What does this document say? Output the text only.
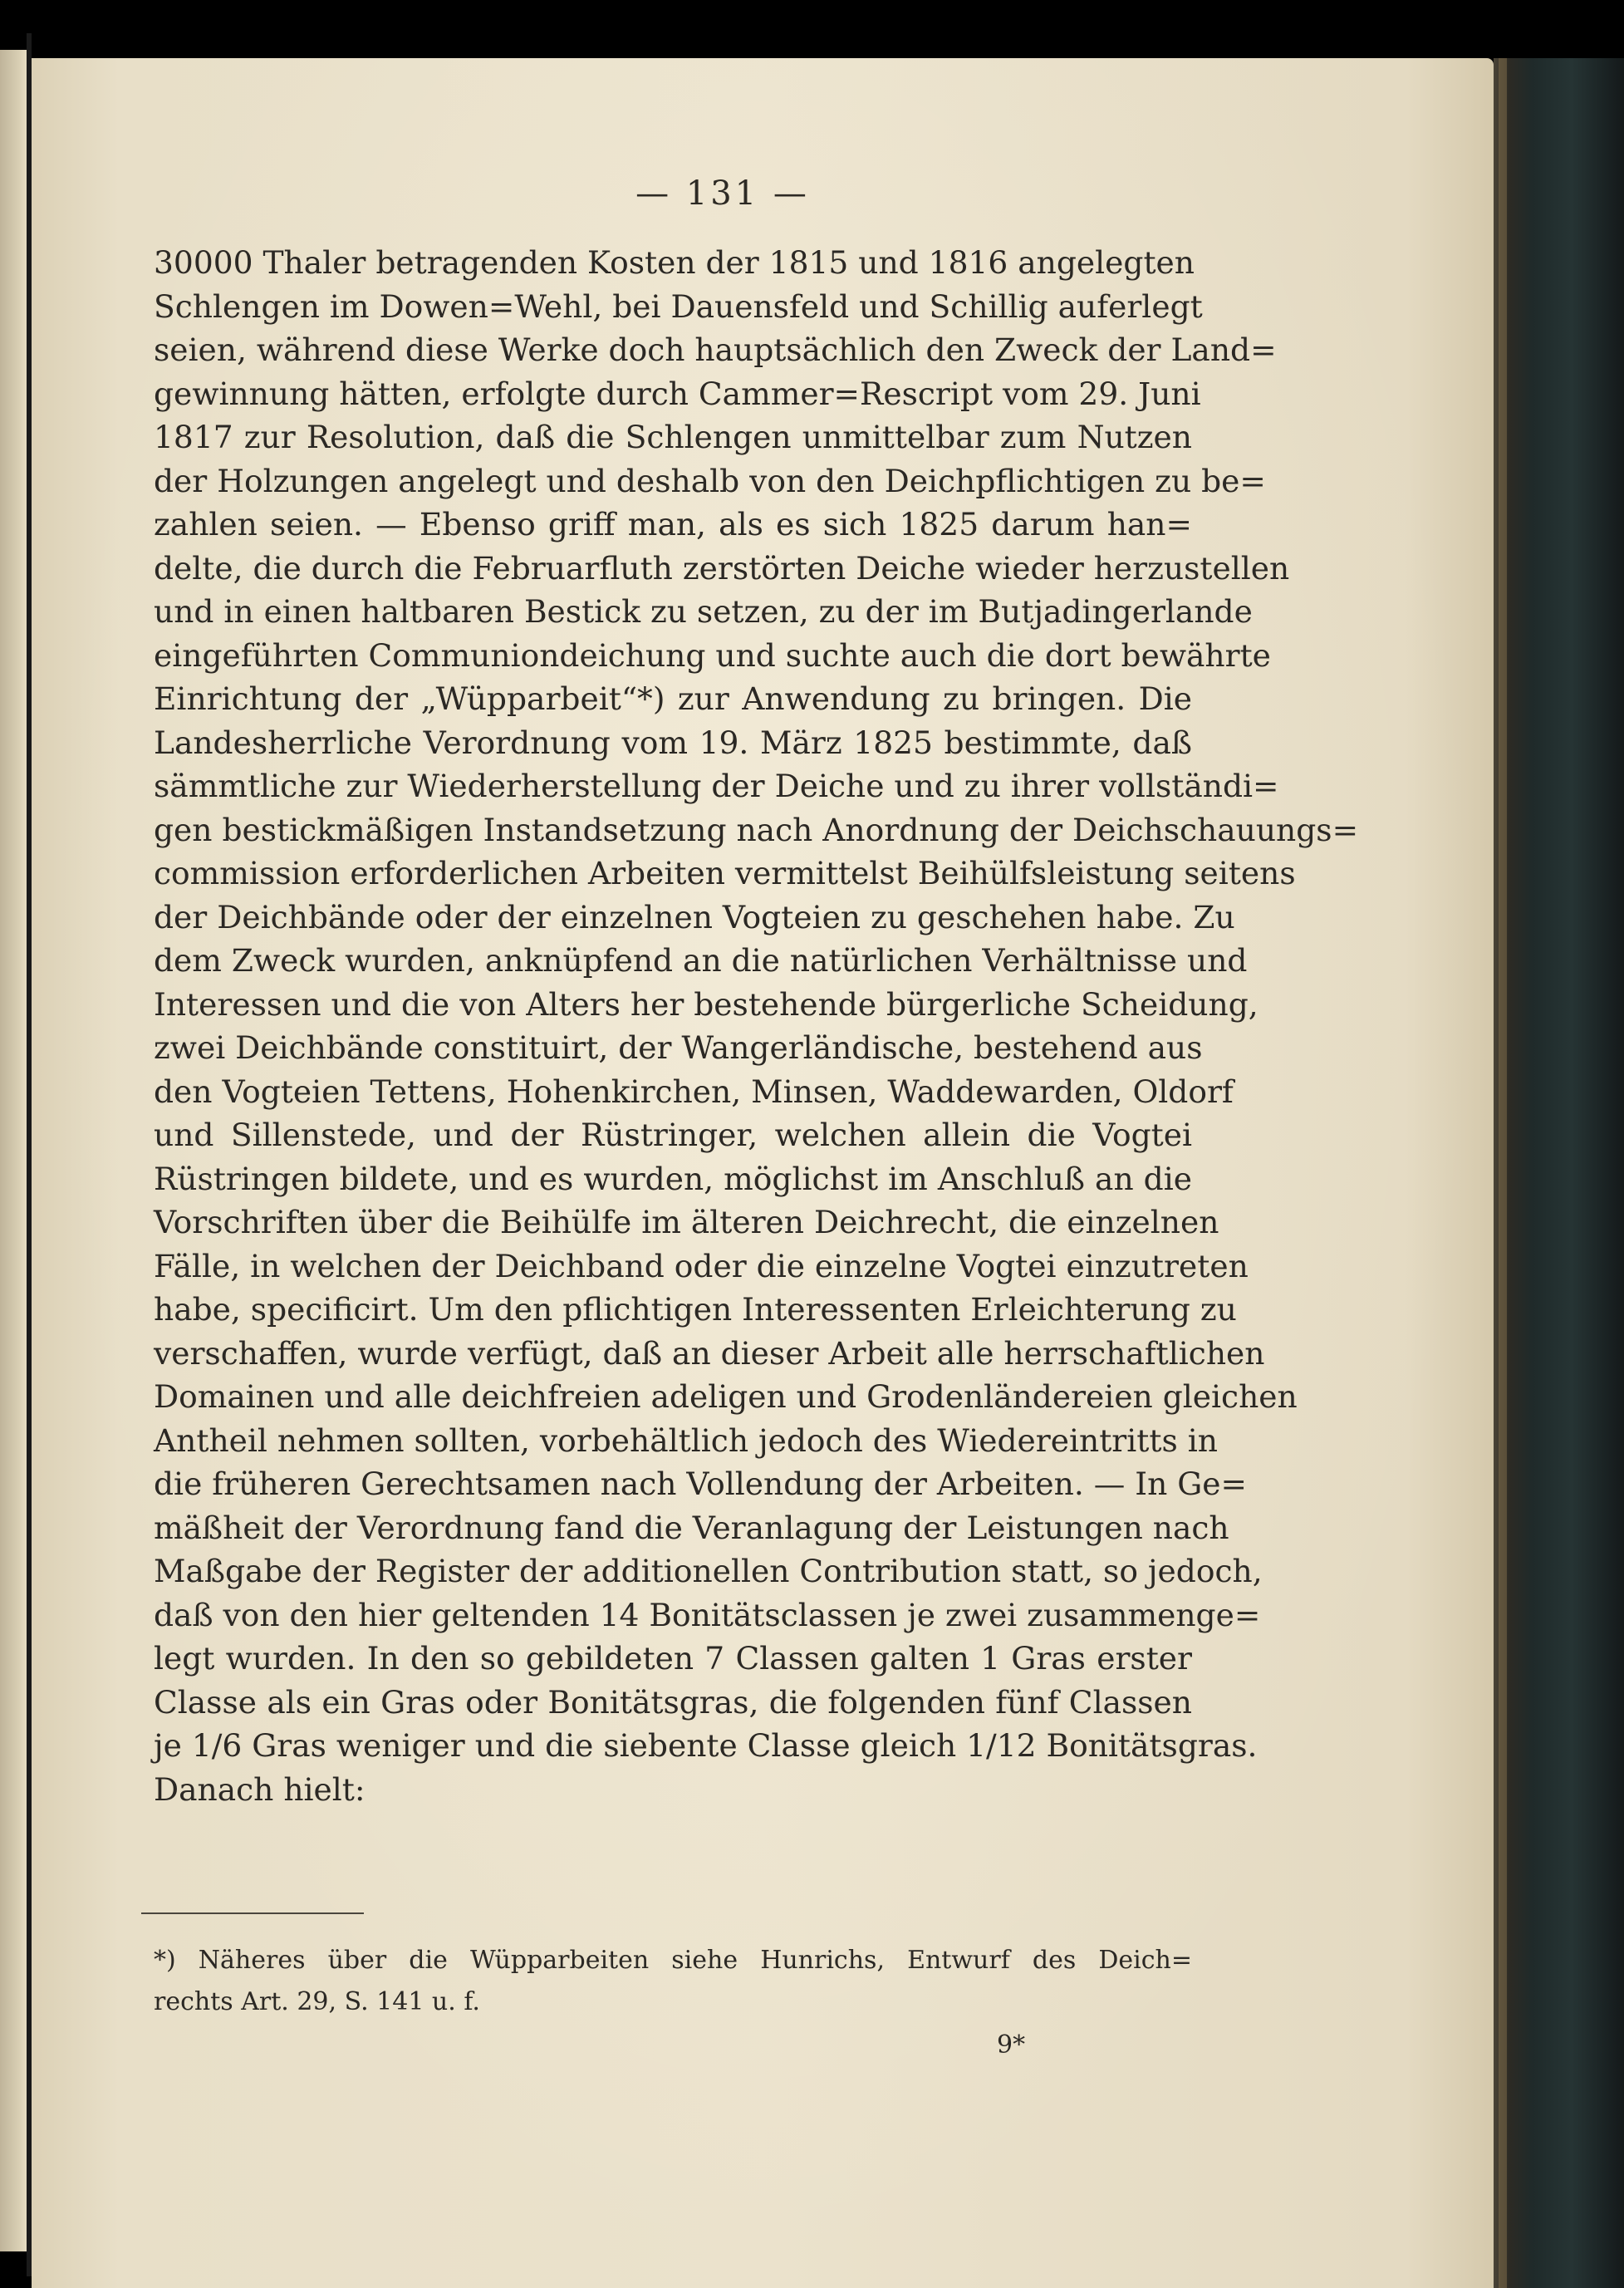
— 131 —
30000 Thaler betragenden Kosten der 1815 und 1816 angelegten
Schlengen im Dowen=Wehl, bei Dauensfeld und Schillig auferlegt
seien, während diese Werke doch hauptsächlich den Zweck der Land=
gewinnung hätten, erfolgte durch Cammer=Rescript vom 29. Juni
1817 zur Resolution, daß die Schlengen unmittelbar zum Nutzen
der Holzungen angelegt und deshalb von den Deichpflichtigen zu be=
zahlen seien. — Ebenso griff man, als es sich 1825 darum han=
delte, die durch die Februarfluth zerstörten Deiche wieder herzustellen
und in einen haltbaren Bestick zu setzen, zu der im Butjadingerlande
eingeführten Communiondeichung und suchte auch die dort bewährte
Einrichtung der „Wüpparbeit“*) zur Anwendung zu bringen. Die
Landesherrliche Verordnung vom 19. März 1825 bestimmte, daß
sämmtliche zur Wiederherstellung der Deiche und zu ihrer vollständi=
gen bestickmäßigen Instandsetzung nach Anordnung der Deichschauungs=
commission erforderlichen Arbeiten vermittelst Beihülfsleistung seitens
der Deichbände oder der einzelnen Vogteien zu geschehen habe. Zu
dem Zweck wurden, anknüpfend an die natürlichen Verhältnisse und
Interessen und die von Alters her bestehende bürgerliche Scheidung,
zwei Deichbände constituirt, der Wangerländische, bestehend aus
den Vogteien Tettens, Hohenkirchen, Minsen, Waddewarden, Oldorf
und Sillenstede, und der Rüstringer, welchen allein die Vogtei
Rüstringen bildete, und es wurden, möglichst im Anschluß an die
Vorschriften über die Beihülfe im älteren Deichrecht, die einzelnen
Fälle, in welchen der Deichband oder die einzelne Vogtei einzutreten
habe, specificirt. Um den pflichtigen Interessenten Erleichterung zu
verschaffen, wurde verfügt, daß an dieser Arbeit alle herrschaftlichen
Domainen und alle deichfreien adeligen und Grodenländereien gleichen
Antheil nehmen sollten, vorbehältlich jedoch des Wiedereintritts in
die früheren Gerechtsamen nach Vollendung der Arbeiten. — In Ge=
mäßheit der Verordnung fand die Veranlagung der Leistungen nach
Maßgabe der Register der additionellen Contribution statt, so jedoch,
daß von den hier geltenden 14 Bonitätsclassen je zwei zusammenge=
legt wurden. In den so gebildeten 7 Classen galten 1 Gras erster
Classe als ein Gras oder Bonitätsgras, die folgenden fünf Classen
je 1/6 Gras weniger und die siebente Classe gleich 1/12 Bonitätsgras.
Danach hielt:
*) Näheres über die Wüpparbeiten siehe Hunrichs, Entwurf des Deich=
rechts Art. 29, S. 141 u. f.
9*
